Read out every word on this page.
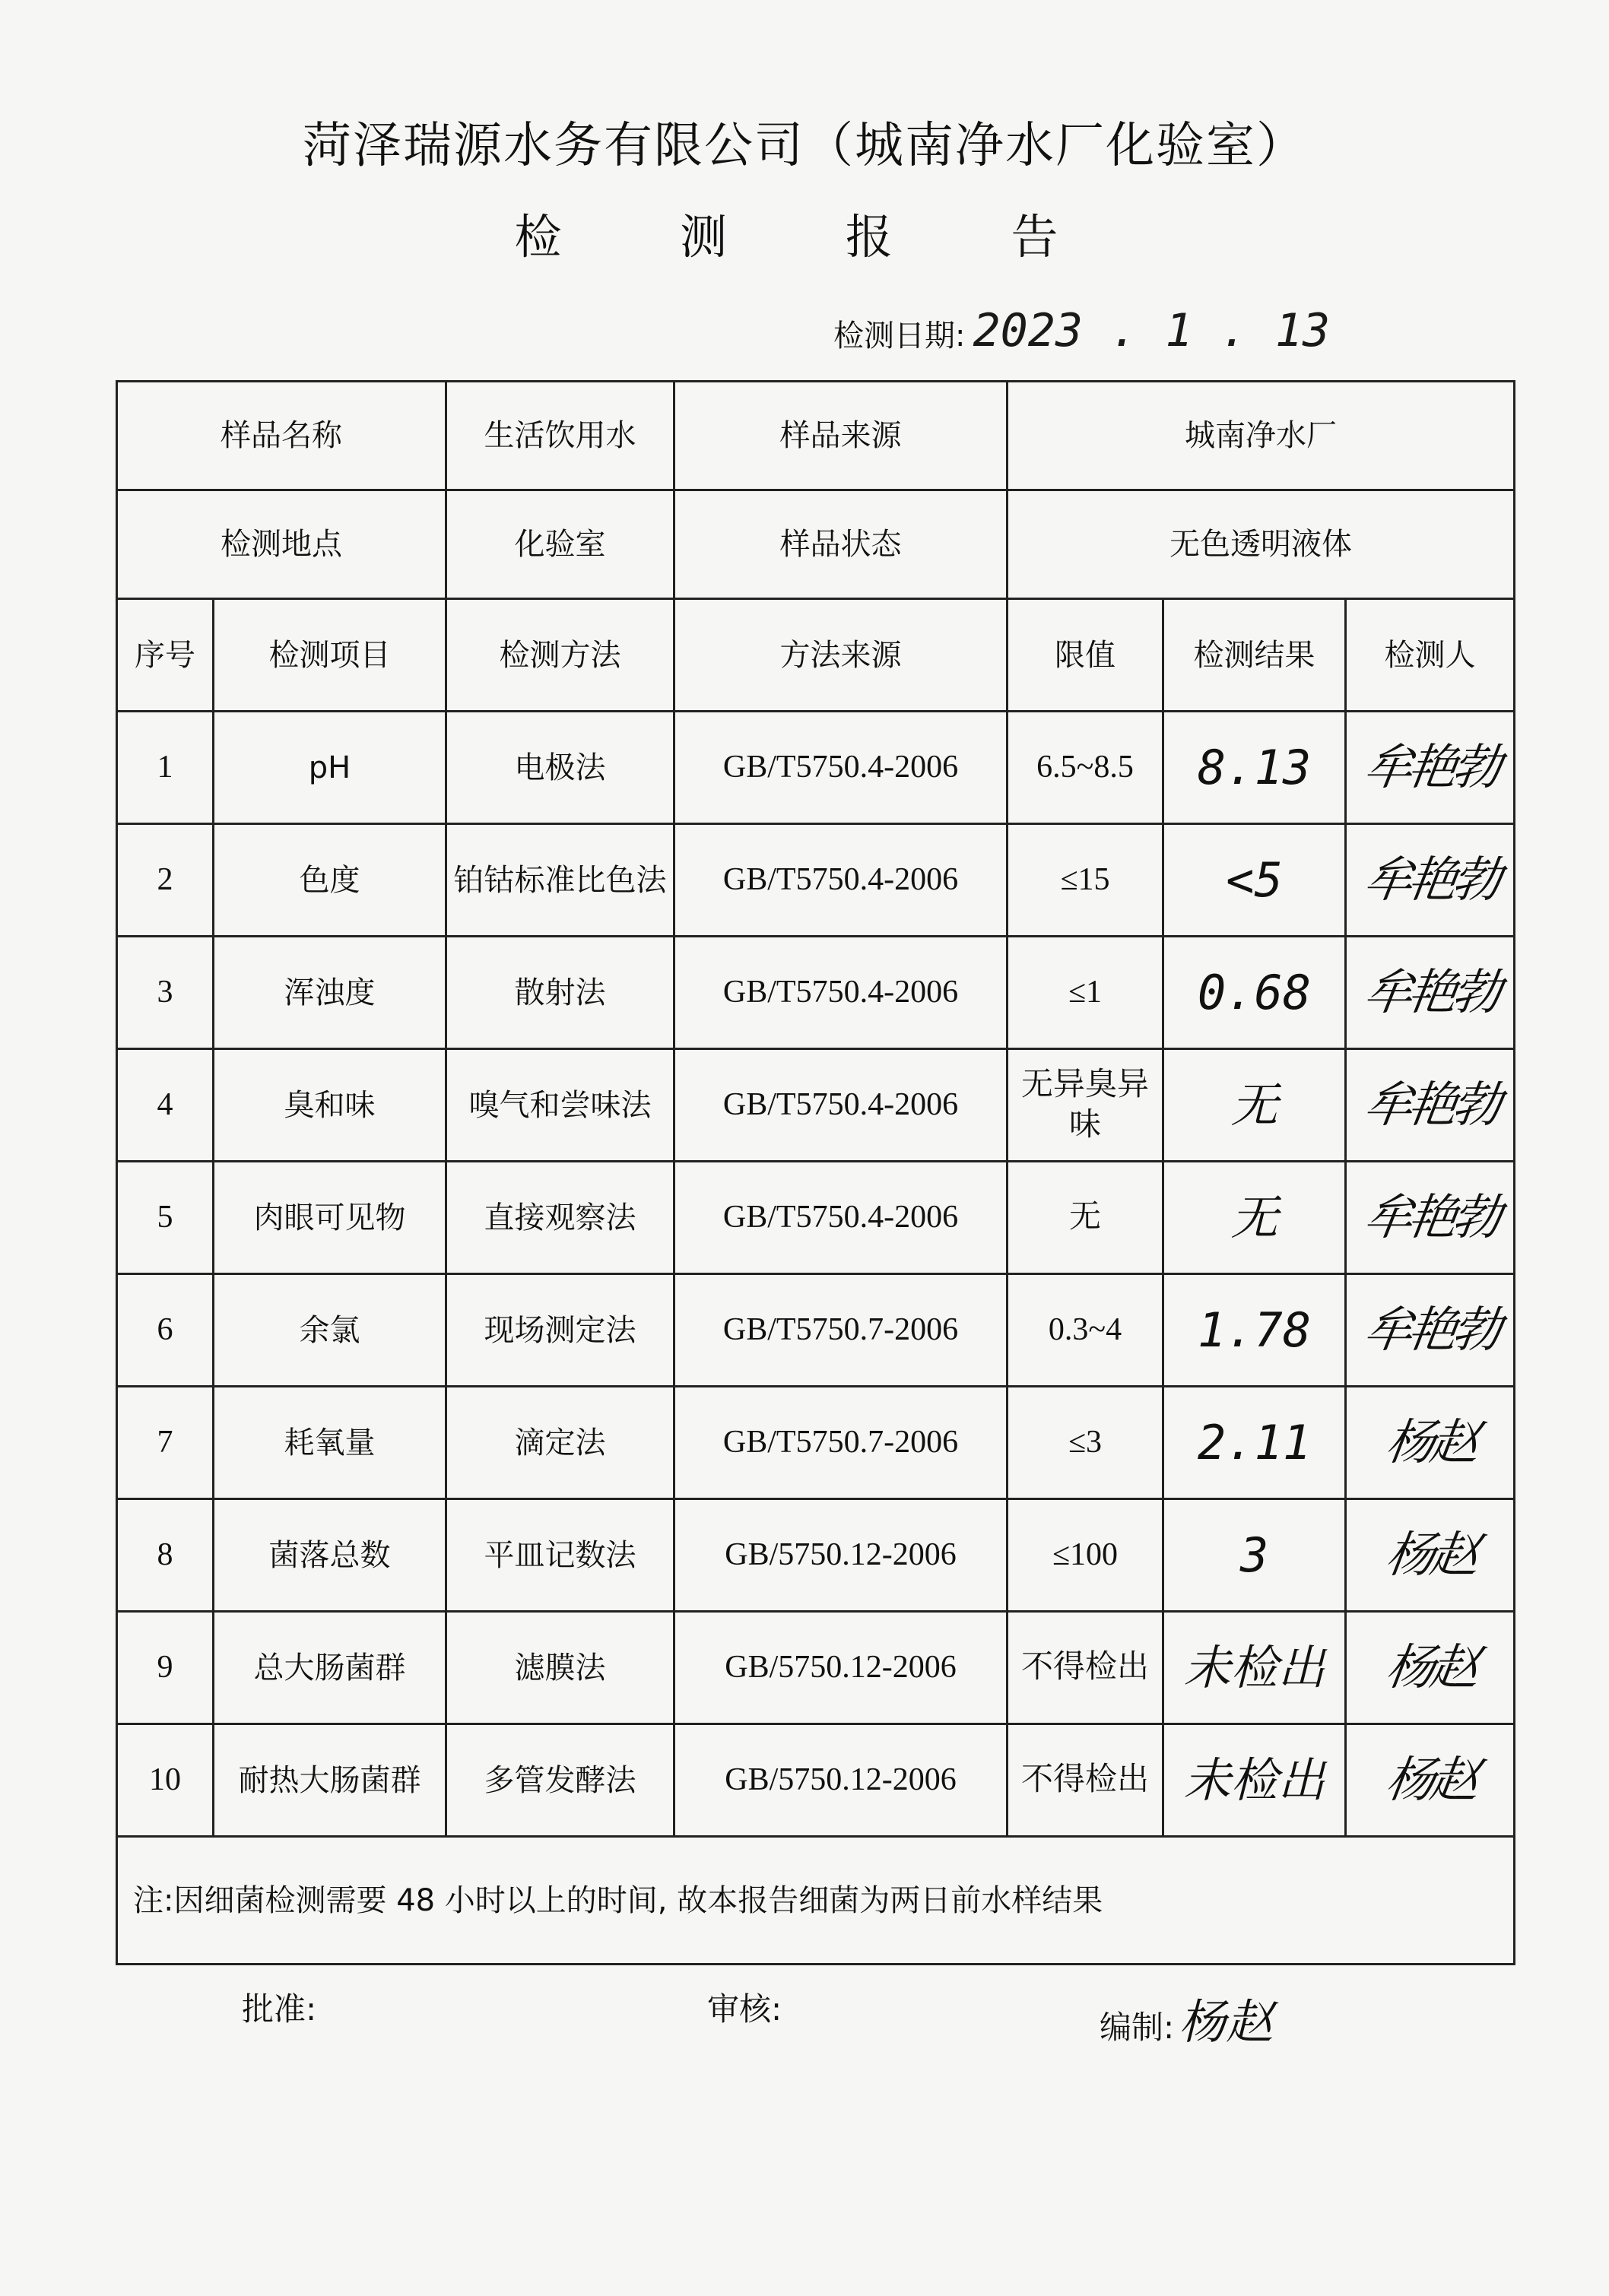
菏泽瑞源水务有限公司（城南净水厂化验室）
检 测 报 告
检测日期: 2023 . 1 . 13
样品名称		生活饮用水	样品来源	城南净水厂		
检测地点		化验室	样品状态	无色透明液体		
序号	检测项目	检测方法	方法来源	限值	检测结果	检测人
1	pH	电极法	GB/T5750.4-2006	6.5~8.5	8.13	牟艳勃
2	色度	铂钴标准比色法	GB/T5750.4-2006	≤15	<5	牟艳勃
3	浑浊度	散射法	GB/T5750.4-2006	≤1	0.68	牟艳勃
4	臭和味	嗅气和尝味法	GB/T5750.4-2006	无异臭异味	无	牟艳勃
5	肉眼可见物	直接观察法	GB/T5750.4-2006	无	无	牟艳勃
6	余氯	现场测定法	GB/T5750.7-2006	0.3~4	1.78	牟艳勃
7	耗氧量	滴定法	GB/T5750.7-2006	≤3	2.11	杨赵
8	菌落总数	平皿记数法	GB/5750.12-2006	≤100	3	杨赵
9	总大肠菌群	滤膜法	GB/5750.12-2006	不得检出	未检出	杨赵
10	耐热大肠菌群	多管发酵法	GB/5750.12-2006	不得检出	未检出	杨赵
注:因细菌检测需要 48 小时以上的时间, 故本报告细菌为两日前水样结果						
批准:	审核:	编制:杨赵
